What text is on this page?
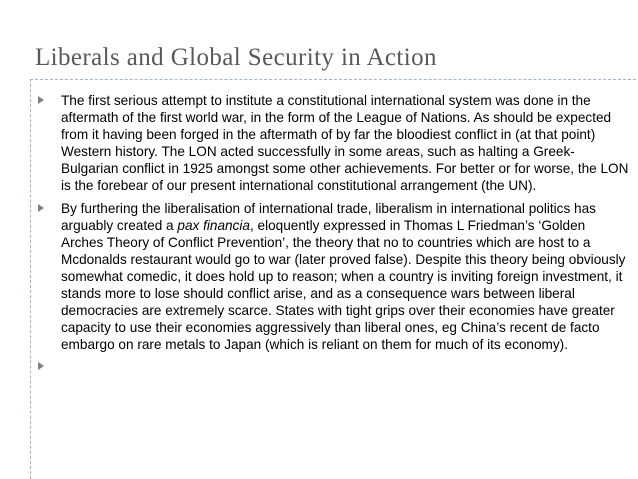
Liberals and Global Security in Action
The first serious attempt to institute a constitutional international system was done in the aftermath of the first world war, in the form of the League of Nations. As should be expected from it having been forged in the aftermath of by far the bloodiest conflict in (at that point) Western history. The LON acted successfully in some areas, such as halting a Greek-Bulgarian conflict in 1925 amongst some other achievements. For better or for worse, the LON is the forebear of our present international constitutional arrangement (the UN).
By furthering the liberalisation of international trade, liberalism in international politics has arguably created a pax financia, eloquently expressed in Thomas L Friedman’s ‘Golden Arches Theory of Conflict Prevention’, the theory that no to countries which are host to a Mcdonalds restaurant would go to war (later proved false). Despite this theory being obviously somewhat comedic, it does hold up to reason; when a country is inviting foreign investment, it stands more to lose should conflict arise, and as a consequence wars between liberal democracies are extremely scarce. States with tight grips over their economies have greater capacity to use their economies aggressively than liberal ones, eg China’s recent de facto embargo on rare metals to Japan (which is reliant on them for much of its economy).
